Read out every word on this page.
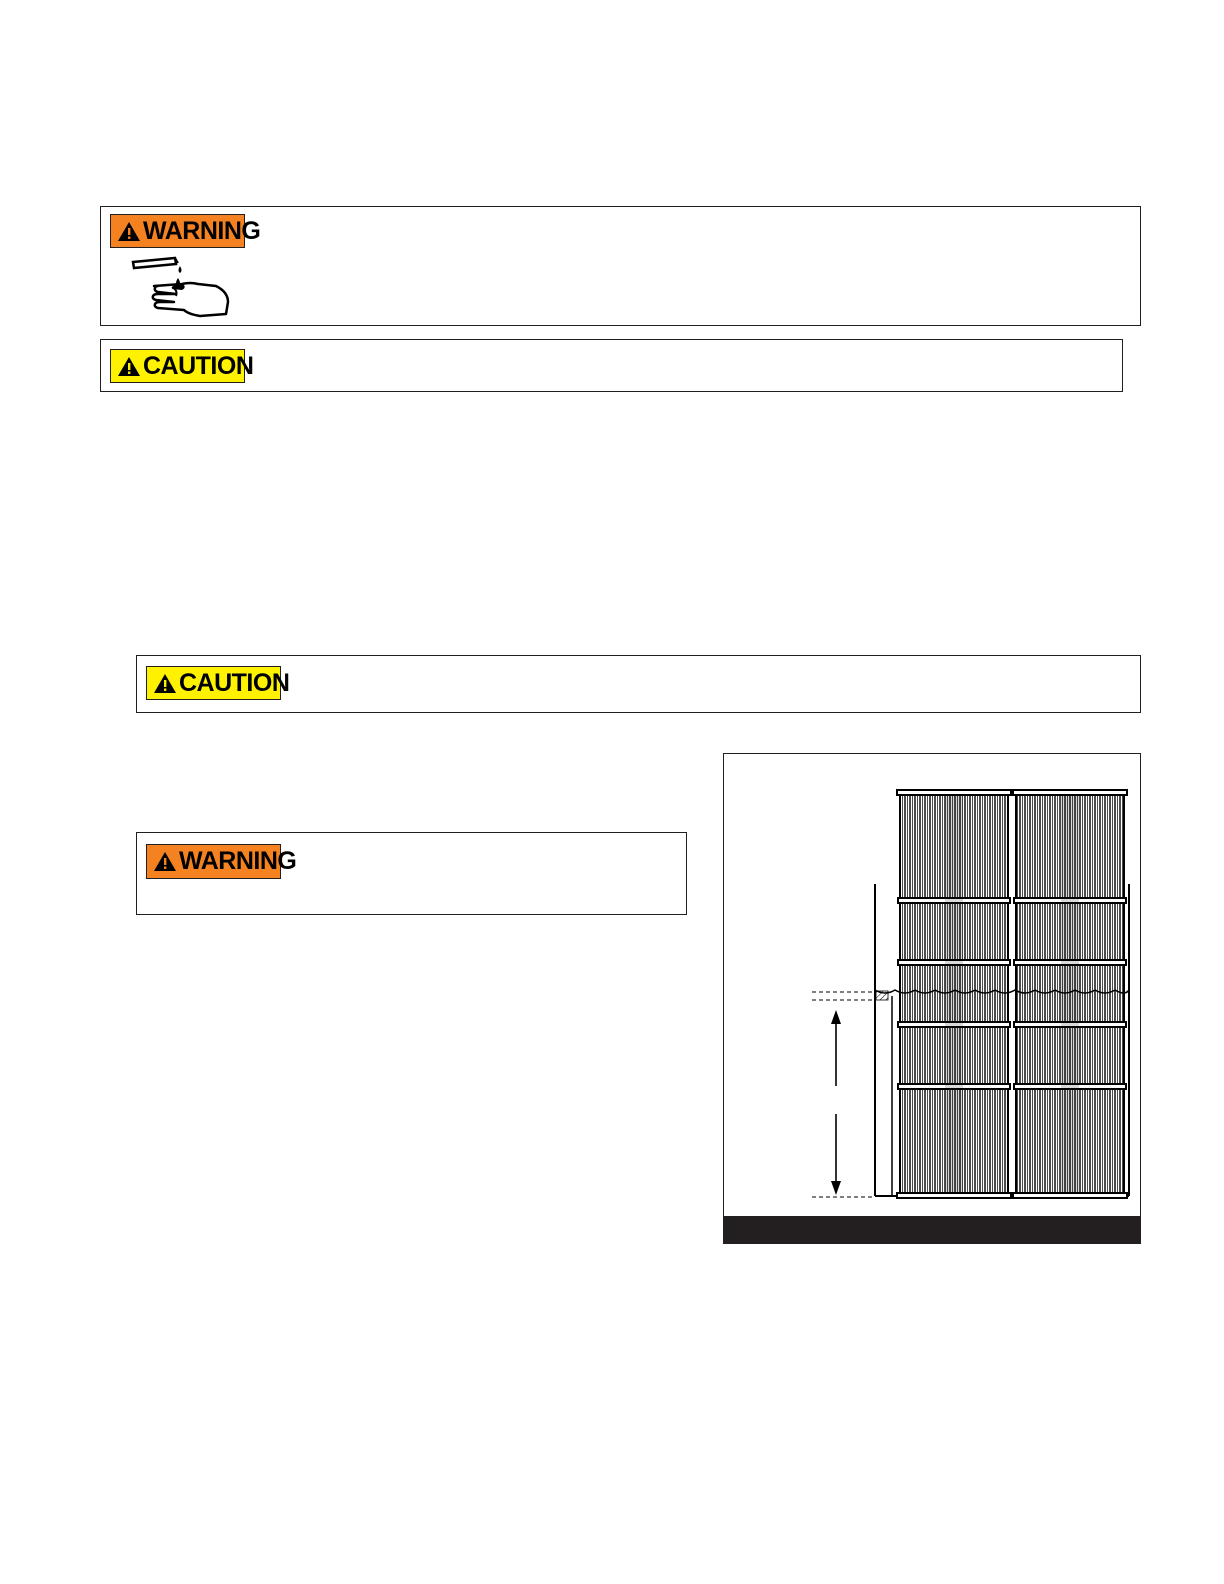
WARNING
CAUTION
CAUTION
WARNING
